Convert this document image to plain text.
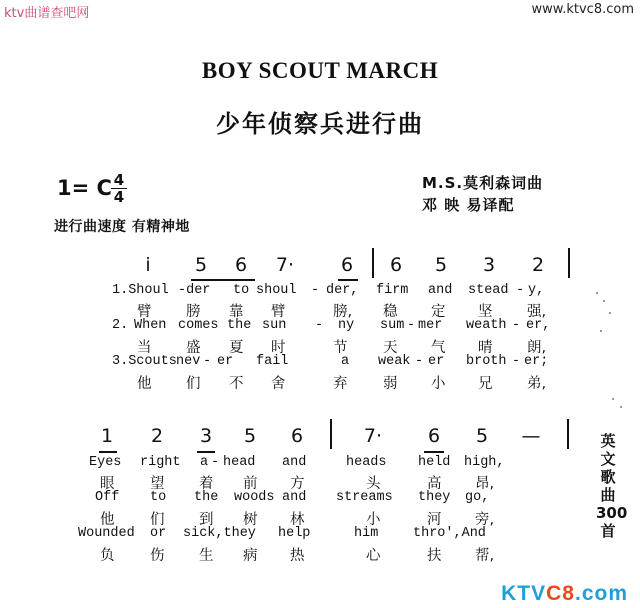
ktv曲谱查吧网	www.ktvc8.com
KTVC8.com
BOY SCOUT MARCH
少年侦察兵进行曲
1= C 4
4
M.S.莫利森词曲
邓 映 易译配
进行曲速度 有精神地
i	5 6 7· 6 6 5 3 2
1.Shoul -der to shoul - der, firm and stead - y,
臂 膀 靠 臂	膀, 稳 定 坚 强,
2. When comes the sun - ny sum - mer weath - er,
当 盛 夏 时	节 天 气 晴 朗,
3.Scouts nev - er fail	a weak - er broth - er;
他 们 不 舍	弃 弱 小 兄 弟,
1 2 3 5 6	7· 6 5 —
Eyes right a - head and	heads held high,
眼 望 着 前 方	头	高 昂,
Off to the woods and streams they go,
他 们 到 树 林	小	河 旁,
Wounded or sick,they help	him	thro',And
负 伤 生 病 热	心	扶 帮,
英文歌曲300首
